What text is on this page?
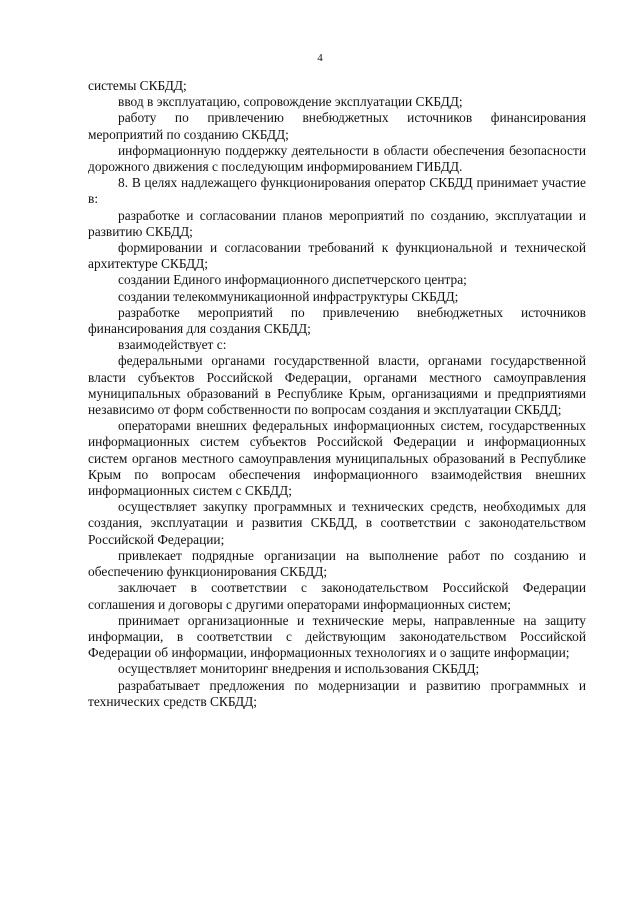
4

системы СКБДД;

ввод в эксплуатацию, сопровождение эксплуатации СКБДД;

работу по привлечению внебюджетных источников финансирования мероприятий по созданию СКБДД;

информационную поддержку деятельности в области обеспечения безопасности дорожного движения с последующим информированием ГИБДД.

8. В целях надлежащего функционирования оператор СКБДД принимает участие в:

разработке и согласовании планов мероприятий по созданию, эксплуатации и развитию СКБДД;

формировании и согласовании требований к функциональной и технической архитектуре СКБДД;

создании Единого информационного диспетчерского центра;

создании телекоммуникационной инфраструктуры СКБДД;

разработке мероприятий по привлечению внебюджетных источников финансирования для создания СКБДД;

взаимодействует с:

федеральными органами государственной власти, органами государственной власти субъектов Российской Федерации, органами местного самоуправления муниципальных образований в Республике Крым, организациями и предприятиями независимо от форм собственности по вопросам создания и эксплуатации СКБДД;

операторами внешних федеральных информационных систем, государственных информационных систем субъектов Российской Федерации и информационных систем органов местного самоуправления муниципальных образований в Республике Крым по вопросам обеспечения информационного взаимодействия внешних информационных систем с СКБДД;

осуществляет закупку программных и технических средств, необходимых для создания, эксплуатации и развития СКБДД, в соответствии с законодательством Российской Федерации;

привлекает подрядные организации на выполнение работ по созданию и обеспечению функционирования СКБДД;

заключает в соответствии с законодательством Российской Федерации соглашения и договоры с другими операторами информационных систем;

принимает организационные и технические меры, направленные на защиту информации, в соответствии с действующим законодательством Российской Федерации об информации, информационных технологиях и о защите информации;

осуществляет мониторинг внедрения и использования СКБДД;

разрабатывает предложения по модернизации и развитию программных и технических средств СКБДД;
